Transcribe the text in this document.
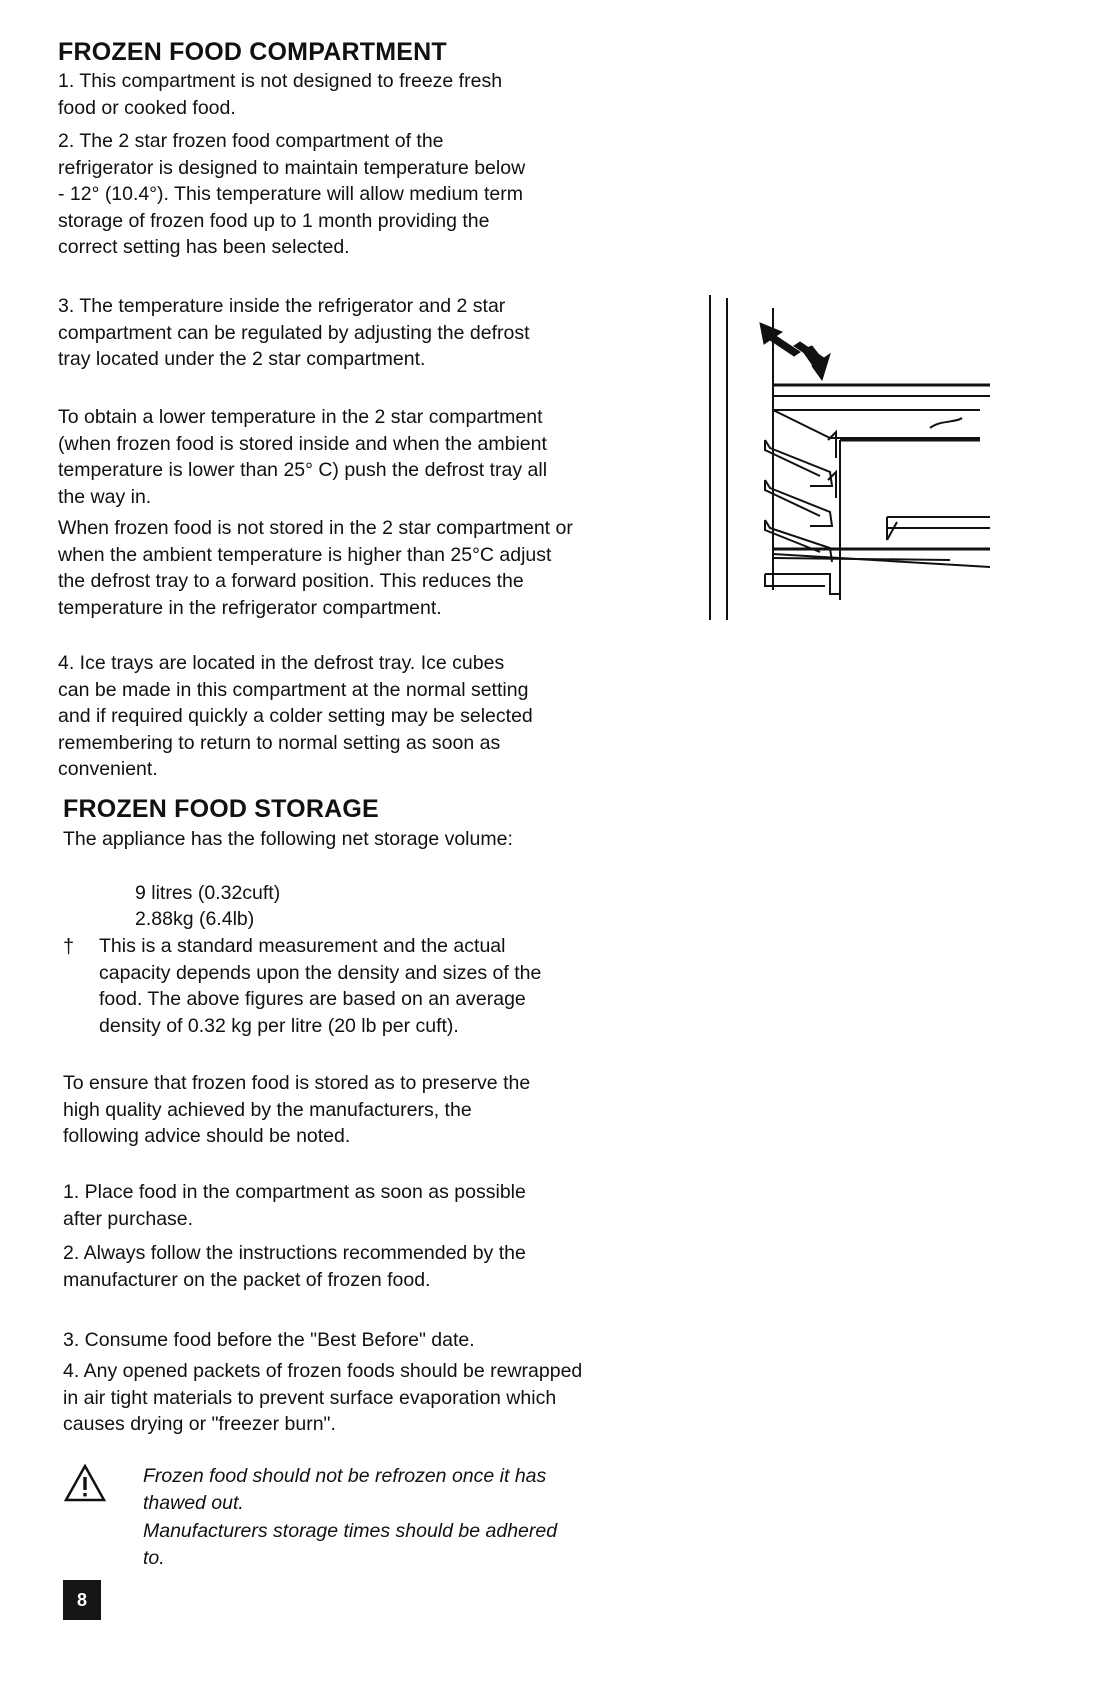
FROZEN FOOD COMPARTMENT

1. This compartment is not designed to freeze fresh food or cooked food.

2. The 2 star frozen food compartment of the refrigerator is designed to maintain temperature below - 12° (10.4°). This temperature will allow medium term storage of frozen food up to 1 month providing the correct setting has been selected.

3. The temperature inside the refrigerator and 2 star compartment can be regulated by adjusting the defrost tray located under the 2 star compartment.

To obtain a lower temperature in the 2 star compartment (when frozen food is stored inside and when the ambient temperature is lower than 25° C) push the defrost tray all the way in.

When frozen food is not stored in the 2 star compartment or when the ambient temperature is higher than 25°C adjust the defrost tray to a forward position. This reduces the temperature in the refrigerator compartment.

4. Ice trays are located in the defrost tray. Ice cubes can be made in this compartment at the normal setting and if required quickly a colder setting may be selected remembering to return to normal setting as soon as convenient.

FROZEN FOOD STORAGE

The appliance has the following net storage volume:

9 litres (0.32cuft)

2.88kg (6.4lb)

† This is a standard measurement and the actual capacity depends upon the density and sizes of the food. The above figures are based on an average density of 0.32 kg per litre (20 lb per cuft).

To ensure that frozen food is stored as to preserve the high quality achieved by the manufacturers, the following advice should be noted.

1. Place food in the compartment as soon as possible after purchase.

2. Always follow the instructions recommended by the manufacturer on the packet of frozen food.

3. Consume food before the "Best Before" date.

4. Any opened packets of frozen foods should be rewrapped in air tight materials to prevent surface evaporation which causes drying or "freezer burn".

Frozen food should not be refrozen once it has thawed out.

Manufacturers storage times should be adhered to.

8
